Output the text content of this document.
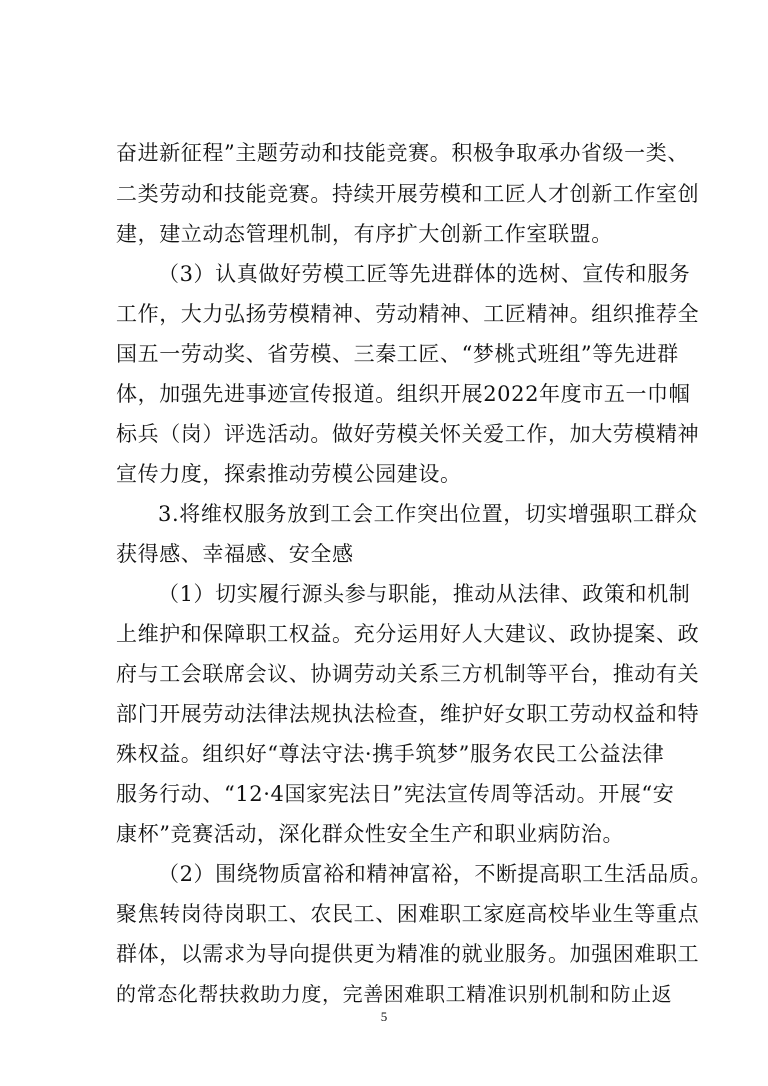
奋进新征程”主题劳动和技能竞赛。积极争取承办省级一类、
二类劳动和技能竞赛。持续开展劳模和工匠人才创新工作室创
建，建立动态管理机制，有序扩大创新工作室联盟。
（3）认真做好劳模工匠等先进群体的选树、宣传和服务
工作，大力弘扬劳模精神、劳动精神、工匠精神。组织推荐全
国五一劳动奖、省劳模、三秦工匠、“梦桃式班组”等先进群
体，加强先进事迹宣传报道。组织开展2022年度市五一巾帼
标兵（岗）评选活动。做好劳模关怀关爱工作，加大劳模精神
宣传力度，探索推动劳模公园建设。
3.将维权服务放到工会工作突出位置，切实增强职工群众
获得感、幸福感、安全感
（1）切实履行源头参与职能，推动从法律、政策和机制
上维护和保障职工权益。充分运用好人大建议、政协提案、政
府与工会联席会议、协调劳动关系三方机制等平台，推动有关
部门开展劳动法律法规执法检查，维护好女职工劳动权益和特
殊权益。组织好“尊法守法·携手筑梦”服务农民工公益法律
服务行动、“12·4国家宪法日”宪法宣传周等活动。开展“安
康杯”竞赛活动，深化群众性安全生产和职业病防治。
（2）围绕物质富裕和精神富裕，不断提高职工生活品质。
聚焦转岗待岗职工、农民工、困难职工家庭高校毕业生等重点
群体，以需求为导向提供更为精准的就业服务。加强困难职工
的常态化帮扶救助力度，完善困难职工精准识别机制和防止返
5
